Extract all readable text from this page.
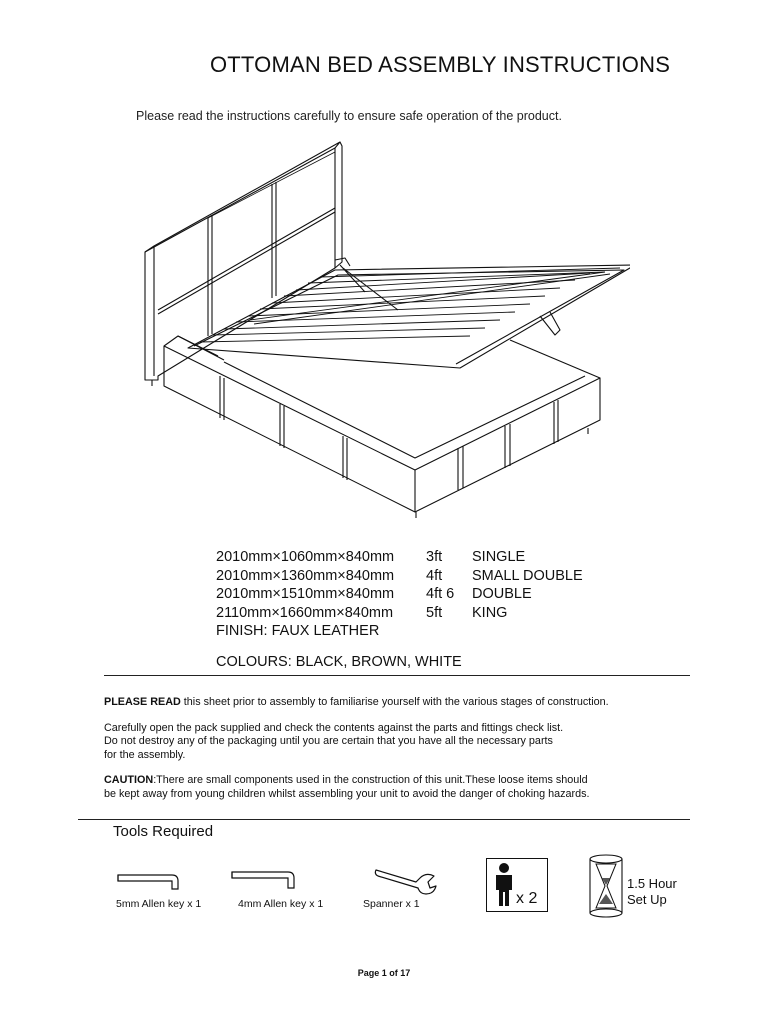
OTTOMAN BED ASSEMBLY INSTRUCTIONS
Please read the instructions carefully to ensure safe operation of the product.
2010mm×1060mm×840mm	3ft	SINGLE
2010mm×1360mm×840mm	4ft	SMALL DOUBLE
2010mm×1510mm×840mm	4ft 6	DOUBLE
2110mm×1660mm×840mm	5ft	KING
FINISH: FAUX LEATHER
COLOURS: BLACK, BROWN, WHITE

PLEASE READ this sheet prior to assembly to familiarise yourself with the various stages of construction.

Carefully open the pack supplied and check the contents against the parts and fittings check list.
Do not destroy any of the packaging until you are certain that you have all the necessary parts
for the assembly.

CAUTION:There are small components used in the construction of this unit.These loose items should
be kept away from young children whilst assembling your unit to avoid the danger of choking hazards.

Tools Required
5mm Allen key x 1	4mm Allen key x 1	Spanner x 1	x 2
1.5 Hour
Set Up
Page 1 of 17
